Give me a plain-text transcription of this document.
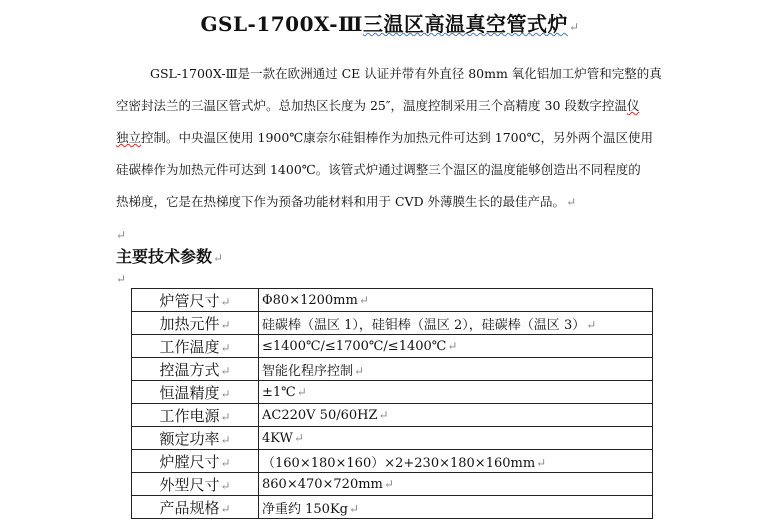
GSL-1700X-Ⅲ三温区高温真空管式炉↵
GSL-1700X-Ⅲ是一款在欧洲通过 CE 认证并带有外直径 80mm 氧化铝加工炉管和完整的真
空密封法兰的三温区管式炉。总加热区长度为 25″，温度控制采用三个高精度 30 段数字控温仪
独立控制。中央温区使用 1900℃康奈尔硅钼棒作为加热元件可达到 1700℃，另外两个温区使用
硅碳棒作为加热元件可达到 1400℃。该管式炉通过调整三个温区的温度能够创造出不同程度的
热梯度，它是在热梯度下作为预备功能材料和用于 CVD 外薄膜生长的最佳产品。↵
↵
主要技术参数↵
↵
炉管尺寸↵	Φ80×1200mm↵
加热元件↵	硅碳棒（温区 1），硅钼棒（温区 2），硅碳棒（温区 3）↵
工作温度↵	≤1400℃/≤1700℃/≤1400℃↵
控温方式↵	智能化程序控制↵
恒温精度↵	±1℃↵
工作电源↵	AC220V 50/60HZ↵
额定功率↵	4KW↵
炉膛尺寸↵	（160×180×160）×2+230×180×160mm↵
外型尺寸↵	860×470×720mm↵
产品规格↵	净重约 150Kg↵
